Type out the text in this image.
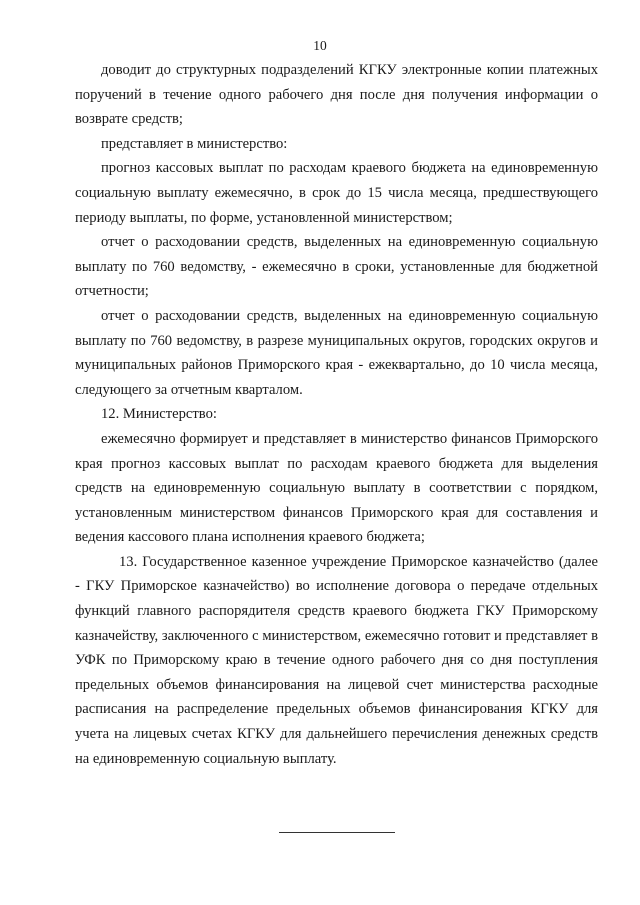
10

доводит до структурных подразделений КГКУ электронные копии платежных поручений в течение одного рабочего дня после дня получения информации о возврате средств;

представляет в министерство:

прогноз кассовых выплат по расходам краевого бюджета на единовременную социальную выплату ежемесячно, в срок до 15 числа месяца, предшествующего периоду выплаты, по форме, установленной министерством;

отчет о расходовании средств, выделенных на единовременную социальную выплату по 760 ведомству, - ежемесячно в сроки, установленные для бюджетной отчетности;

отчет о расходовании средств, выделенных на единовременную социальную выплату по 760 ведомству, в разрезе муниципальных округов, городских округов и муниципальных районов Приморского края - ежеквартально, до 10 числа месяца, следующего за отчетным кварталом.

12. Министерство:

ежемесячно формирует и представляет в министерство финансов Приморского края прогноз кассовых выплат по расходам краевого бюджета для выделения средств на единовременную социальную выплату в соответствии с порядком, установленным министерством финансов Приморского края для составления и ведения кассового плана исполнения краевого бюджета;

13. Государственное казенное учреждение Приморское казначейство (далее - ГКУ Приморское казначейство) во исполнение договора о передаче отдельных функций главного распорядителя средств краевого бюджета ГКУ Приморскому казначейству, заключенного с министерством, ежемесячно готовит и представляет в УФК по Приморскому краю в течение одного рабочего дня со дня поступления предельных объемов финансирования на лицевой счет министерства расходные расписания на распределение предельных объемов финансирования КГКУ для учета на лицевых счетах КГКУ для дальнейшего перечисления денежных средств на единовременную социальную выплату.
